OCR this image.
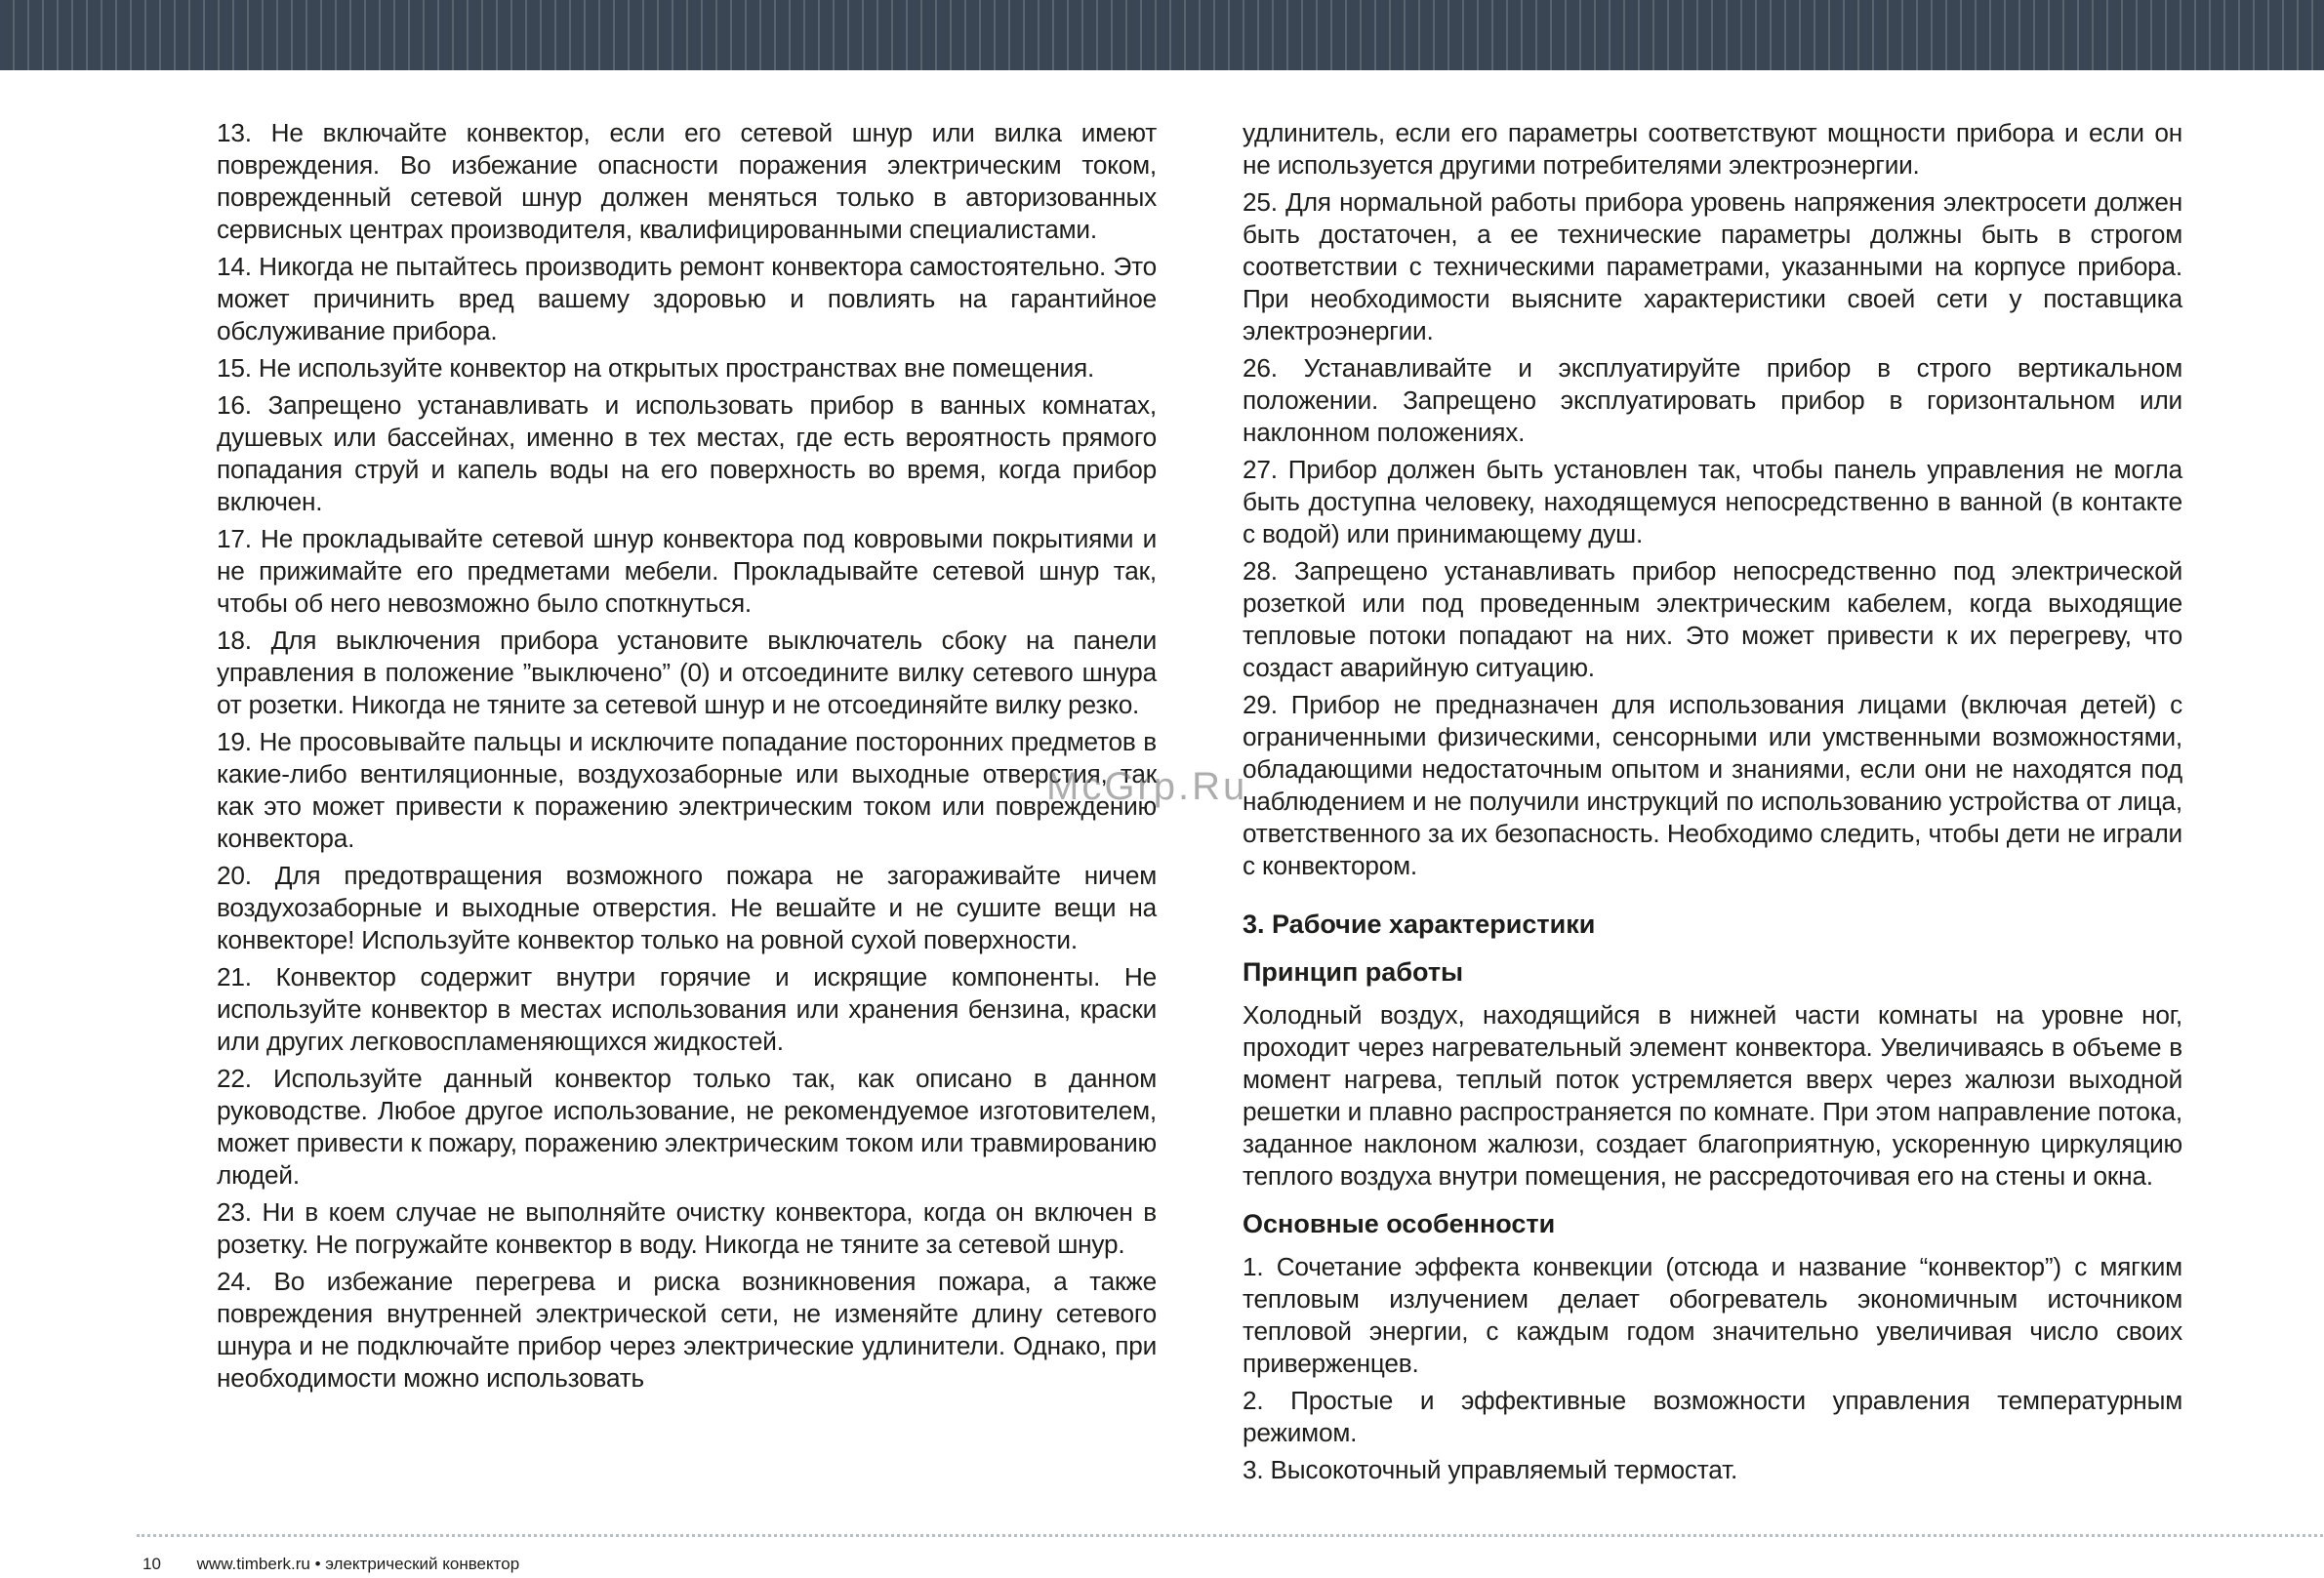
13. Не включайте конвектор, если его сетевой шнур или вилка имеют повреждения. Во избежание опасности поражения электрическим током, поврежденный сетевой шнур должен меняться только в авторизованных сервисных центрах производителя, квалифицированными специалистами.

14. Никогда не пытайтесь производить ремонт конвектора самостоятельно. Это может причинить вред вашему здоровью и повлиять на гарантийное обслуживание прибора.

15. Не используйте конвектор на открытых пространствах вне помещения.

16. Запрещено устанавливать и использовать прибор в ванных комнатах, душевых или бассейнах, именно в тех местах, где есть вероятность прямого попадания струй и капель воды на его поверхность во время, когда прибор включен.

17. Не прокладывайте сетевой шнур конвектора под ковровыми покрытиями и не прижимайте его предметами мебели. Прокладывайте сетевой шнур так, чтобы об него невозможно было споткнуться.

18. Для выключения прибора установите выключатель сбоку на панели управления в положение ”выключено” (0) и отсоедините вилку сетевого шнура от розетки. Никогда не тяните за сетевой шнур и не отсоединяйте вилку резко.

19. Не просовывайте пальцы и исключите попадание посторонних предметов в какие-либо вентиляционные, воздухозаборные или выходные отверстия, так как это может привести к поражению электрическим током или повреждению конвектора.

20. Для предотвращения возможного пожара не загораживайте ничем воздухозаборные и выходные отверстия. Не вешайте и не сушите вещи на конвекторе! Используйте конвектор только на ровной сухой поверхности.

21. Конвектор содержит внутри горячие и искрящие компоненты. Не используйте конвектор в местах использования или хранения бензина, краски или других легковоспламеняющихся жидкостей.

22. Используйте данный конвектор только так, как описано в данном руководстве. Любое другое использование, не рекомендуемое изготовителем, может привести к пожару, поражению электрическим током или травмированию людей.

23. Ни в коем случае не выполняйте очистку конвектора, когда он включен в розетку. Не погружайте конвектор в воду. Никогда не тяните за сетевой шнур.

24. Во избежание перегрева и риска возникновения пожара, а также повреждения внутренней электрической сети, не изменяйте длину сетевого шнура и не подключайте прибор через электрические удлинители. Однако, при необходимости можно использовать

удлинитель, если его параметры соответствуют мощности прибора и если он не используется другими потребителями электроэнергии.

25. Для нормальной работы прибора уровень напряжения электросети должен быть достаточен, а ее технические параметры должны быть в строгом соответствии с техническими параметрами, указанными на корпусе прибора. При необходимости выясните характеристики своей сети у поставщика электроэнергии.

26. Устанавливайте и эксплуатируйте прибор в строго вертикальном положении. Запрещено эксплуатировать прибор в горизонтальном или наклонном положениях.

27. Прибор должен быть установлен так, чтобы панель управления не могла быть доступна человеку, находящемуся непосредственно в ванной (в контакте с водой) или принимающему душ.

28. Запрещено устанавливать прибор непосредственно под электрической розеткой или под проведенным электрическим кабелем, когда выходящие тепловые потоки попадают на них. Это может привести к их перегреву, что создаст аварийную ситуацию.

29. Прибор не предназначен для использования лицами (включая детей) с ограниченными физическими, сенсорными или умственными возможностями, обладающими недостаточным опытом и знаниями, если они не находятся под наблюдением и не получили инструкций по использованию устройства от лица, ответственного за их безопасность. Необходимо следить, чтобы дети не играли с конвектором.

3. Рабочие характеристики
Принцип работы

Холодный воздух, находящийся в нижней части комнаты на уровне ног, проходит через нагревательный элемент конвектора. Увеличиваясь в объеме в момент нагрева, теплый поток устремляется вверх через жалюзи выходной решетки и плавно распространяется по комнате. При этом направление потока, заданное наклоном жалюзи, создает благоприятную, ускоренную циркуляцию теплого воздуха внутри помещения, не рассредоточивая его на стены и окна.

Основные особенности

1. Сочетание эффекта конвекции (отсюда и название “конвектор”) с мягким тепловым излучением делает обогреватель экономичным источником тепловой энергии, с каждым годом значительно увеличивая число своих приверженцев.

2. Простые и эффективные возможности управления температурным режимом.

3. Высокоточный управляемый термостат.

McGrp.Ru
10 www.timberk.ru • электрический конвектор
